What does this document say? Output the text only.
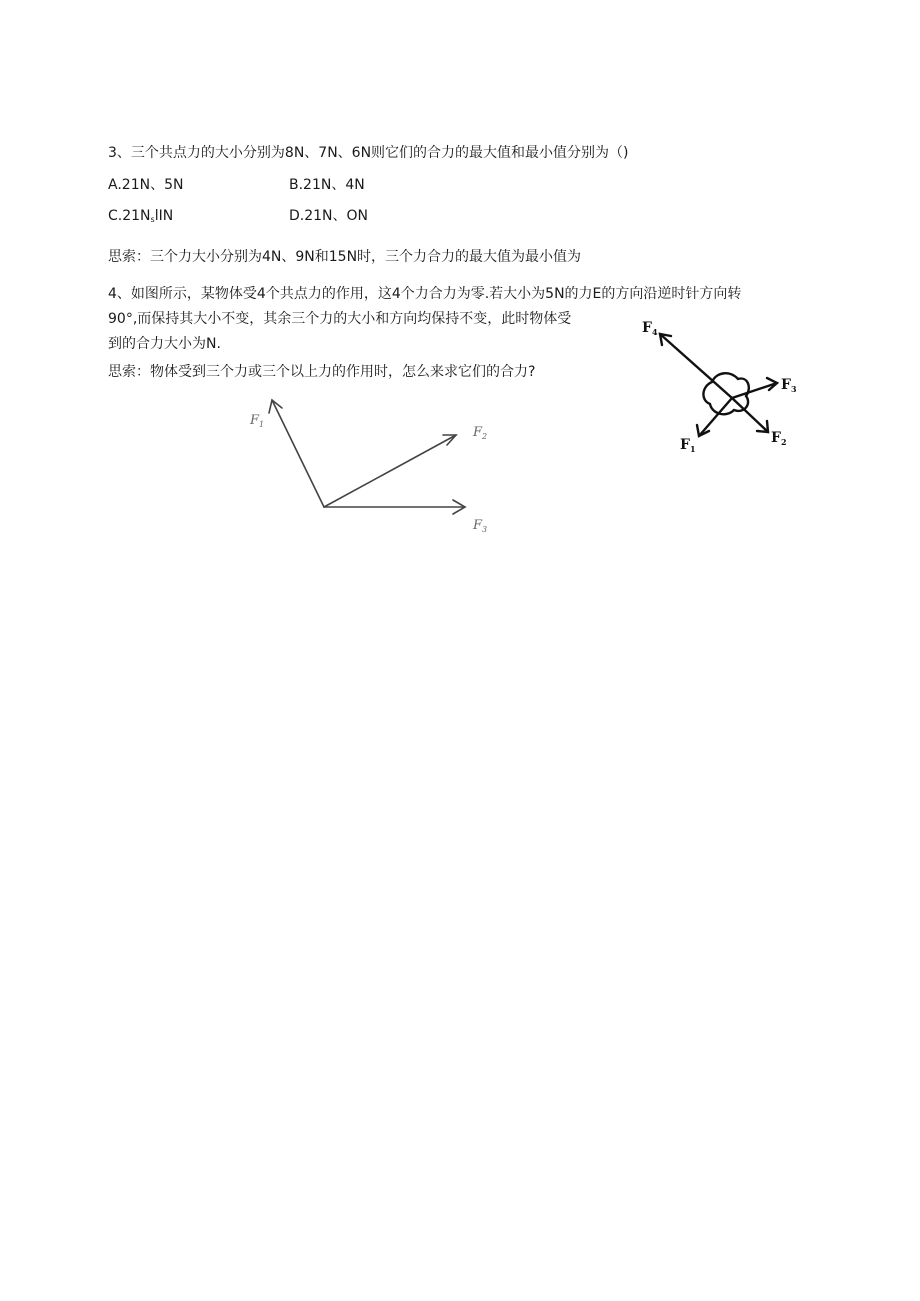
3、三个共点力的大小分别为8N、7N、6N则它们的合力的最大值和最小值分别为（)
A.21N、5N	B.21N、4N
$C.21N_slIN$	D.21N、ON
思索：三个力大小分别为4N、9N和15N时，三个力合力的最大值为最小值为
4、如图所示，某物体受4个共点力的作用，这4个力合力为零.若大小为5N的力E的方向沿逆时针方向转
90°,而保持其大小不变，其余三个力的大小和方向均保持不变，此时物体受
到的合力大小为N.
思索：物体受到三个力或三个以上力的作用时，怎么来求它们的合力?
$F_1$
$F_2$
$F_3$
$F_4$
$F_3$
$F_2$
$F_1$
